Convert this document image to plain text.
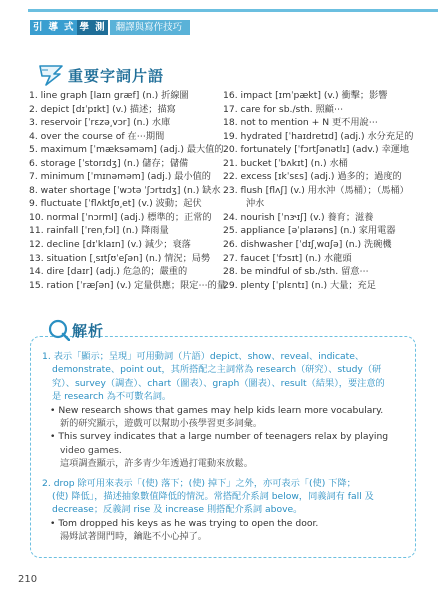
引 導 式 學 測	翻譯與寫作技巧
重要字詞片語
1. line graph [laɪn græf] (n.) 折線圖
2. depict [dɪˈpɪkt] (v.) 描述；描寫
3. reservoir [ˈrɛzə͵vɔr] (n.) 水庫
4. over the course of 在⋯期間
5. maximum [ˈmæksəməm] (adj.) 最大值的
6. storage [ˈstorɪdʒ] (n.) 儲存；儲備
7. minimum [ˈmɪnəməm] (adj.) 最小值的
8. water shortage [ˈwɔtə ˈʃɔrtɪdʒ] (n.) 缺水
9. fluctuate [ˈflʌktʃʊ͵et] (v.) 波動；起伏
10. normal [ˈnɔrml] (adj.) 標準的；正常的
11. rainfall [ˈren͵fɔl] (n.) 降雨量
12. decline [dɪˈklaɪn] (v.) 減少；衰落
13. situation [͵sɪtʃʊˈeʃən] (n.) 情況；局勢
14. dire [daɪr] (adj.) 危急的；嚴重的
15. ration [ˈræʃən] (v.) 定量供應；限定⋯的量
16. impact [ɪmˈpækt] (v.) 衝擊；影響
17. care for sb./sth. 照顧⋯
18. not to mention + N 更不用說⋯
19. hydrated [ˈhaɪdretɪd] (adj.) 水分充足的
20. fortunately [ˈfɔrtʃənətlɪ] (adv.) 幸運地
21. bucket [ˈbʌkɪt] (n.) 水桶
22. excess [ɪkˈsɛs] (adj.) 過多的；過度的
23. flush [flʌʃ] (v.) 用水沖（馬桶）；（馬桶）
沖水
24. nourish [ˈnɝɪʃ] (v.) 養育；滋養
25. appliance [əˈplaɪəns] (n.) 家用電器
26. dishwasher [ˈdɪʃ͵wɑʃə] (n.) 洗碗機
27. faucet [ˈfɔsɪt] (n.) 水龍頭
28. be mindful of sb./sth. 留意⋯
29. plenty [ˈplɛntɪ] (n.) 大量；充足
解析
1. 表示「顯示；呈現」可用動詞（片語）depict、show、reveal、indicate、
demonstrate、point out，其所搭配之主詞常為 research（研究）、study（研
究）、survey（調查）、chart（圖表）、graph（圖表）、result（結果），要注意的
是 research 為不可數名詞。
• New research shows that games may help kids learn more vocabulary.
新的研究顯示，遊戲可以幫助小孩學習更多詞彙。
• This survey indicates that a large number of teenagers relax by playing
video games.
這項調查顯示，許多青少年透過打電動來放鬆。
2. drop 除可用來表示「(使) 落下；(使) 掉下」之外，亦可表示「(使) 下降；
(使) 降低」，描述抽象數值降低的情況。常搭配介系詞 below，同義詞有 fall 及
decrease；反義詞 rise 及 increase 則搭配介系詞 above。
• Tom dropped his keys as he was trying to open the door.
湯姆試著開門時，鑰匙不小心掉了。
210
